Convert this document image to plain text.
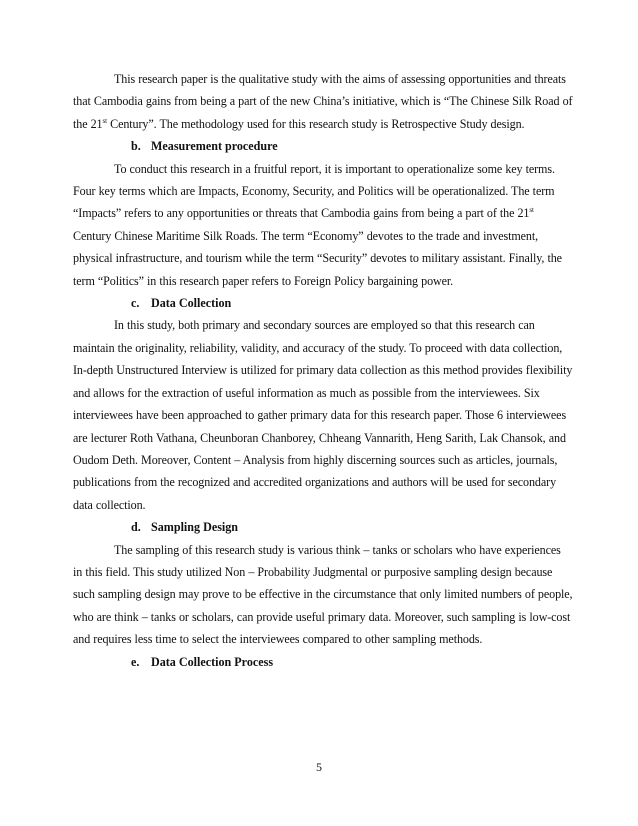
This research paper is the qualitative study with the aims of assessing opportunities and threats that Cambodia gains from being a part of the new China’s initiative, which is “The Chinese Silk Road of the 21st Century”. The methodology used for this research study is Retrospective Study design.

b. Measurement procedure

To conduct this research in a fruitful report, it is important to operationalize some key terms. Four key terms which are Impacts, Economy, Security, and Politics will be operationalized. The term “Impacts” refers to any opportunities or threats that Cambodia gains from being a part of the 21st Century Chinese Maritime Silk Roads. The term “Economy” devotes to the trade and investment, physical infrastructure, and tourism while the term “Security” devotes to military assistant. Finally, the term “Politics” in this research paper refers to Foreign Policy bargaining power.

c. Data Collection

In this study, both primary and secondary sources are employed so that this research can maintain the originality, reliability, validity, and accuracy of the study. To proceed with data collection, In-depth Unstructured Interview is utilized for primary data collection as this method provides flexibility and allows for the extraction of useful information as much as possible from the interviewees. Six interviewees have been approached to gather primary data for this research paper. Those 6 interviewees are lecturer Roth Vathana, Cheunboran Chanborey, Chheang Vannarith, Heng Sarith, Lak Chansok, and Oudom Deth. Moreover, Content – Analysis from highly discerning sources such as articles, journals, publications from the recognized and accredited organizations and authors will be used for secondary data collection.

d. Sampling Design

The sampling of this research study is various think – tanks or scholars who have experiences in this field. This study utilized Non – Probability Judgmental or purposive sampling design because such sampling design may prove to be effective in the circumstance that only limited numbers of people, who are think – tanks or scholars, can provide useful primary data. Moreover, such sampling is low-cost and requires less time to select the interviewees compared to other sampling methods.

e. Data Collection Process

5
